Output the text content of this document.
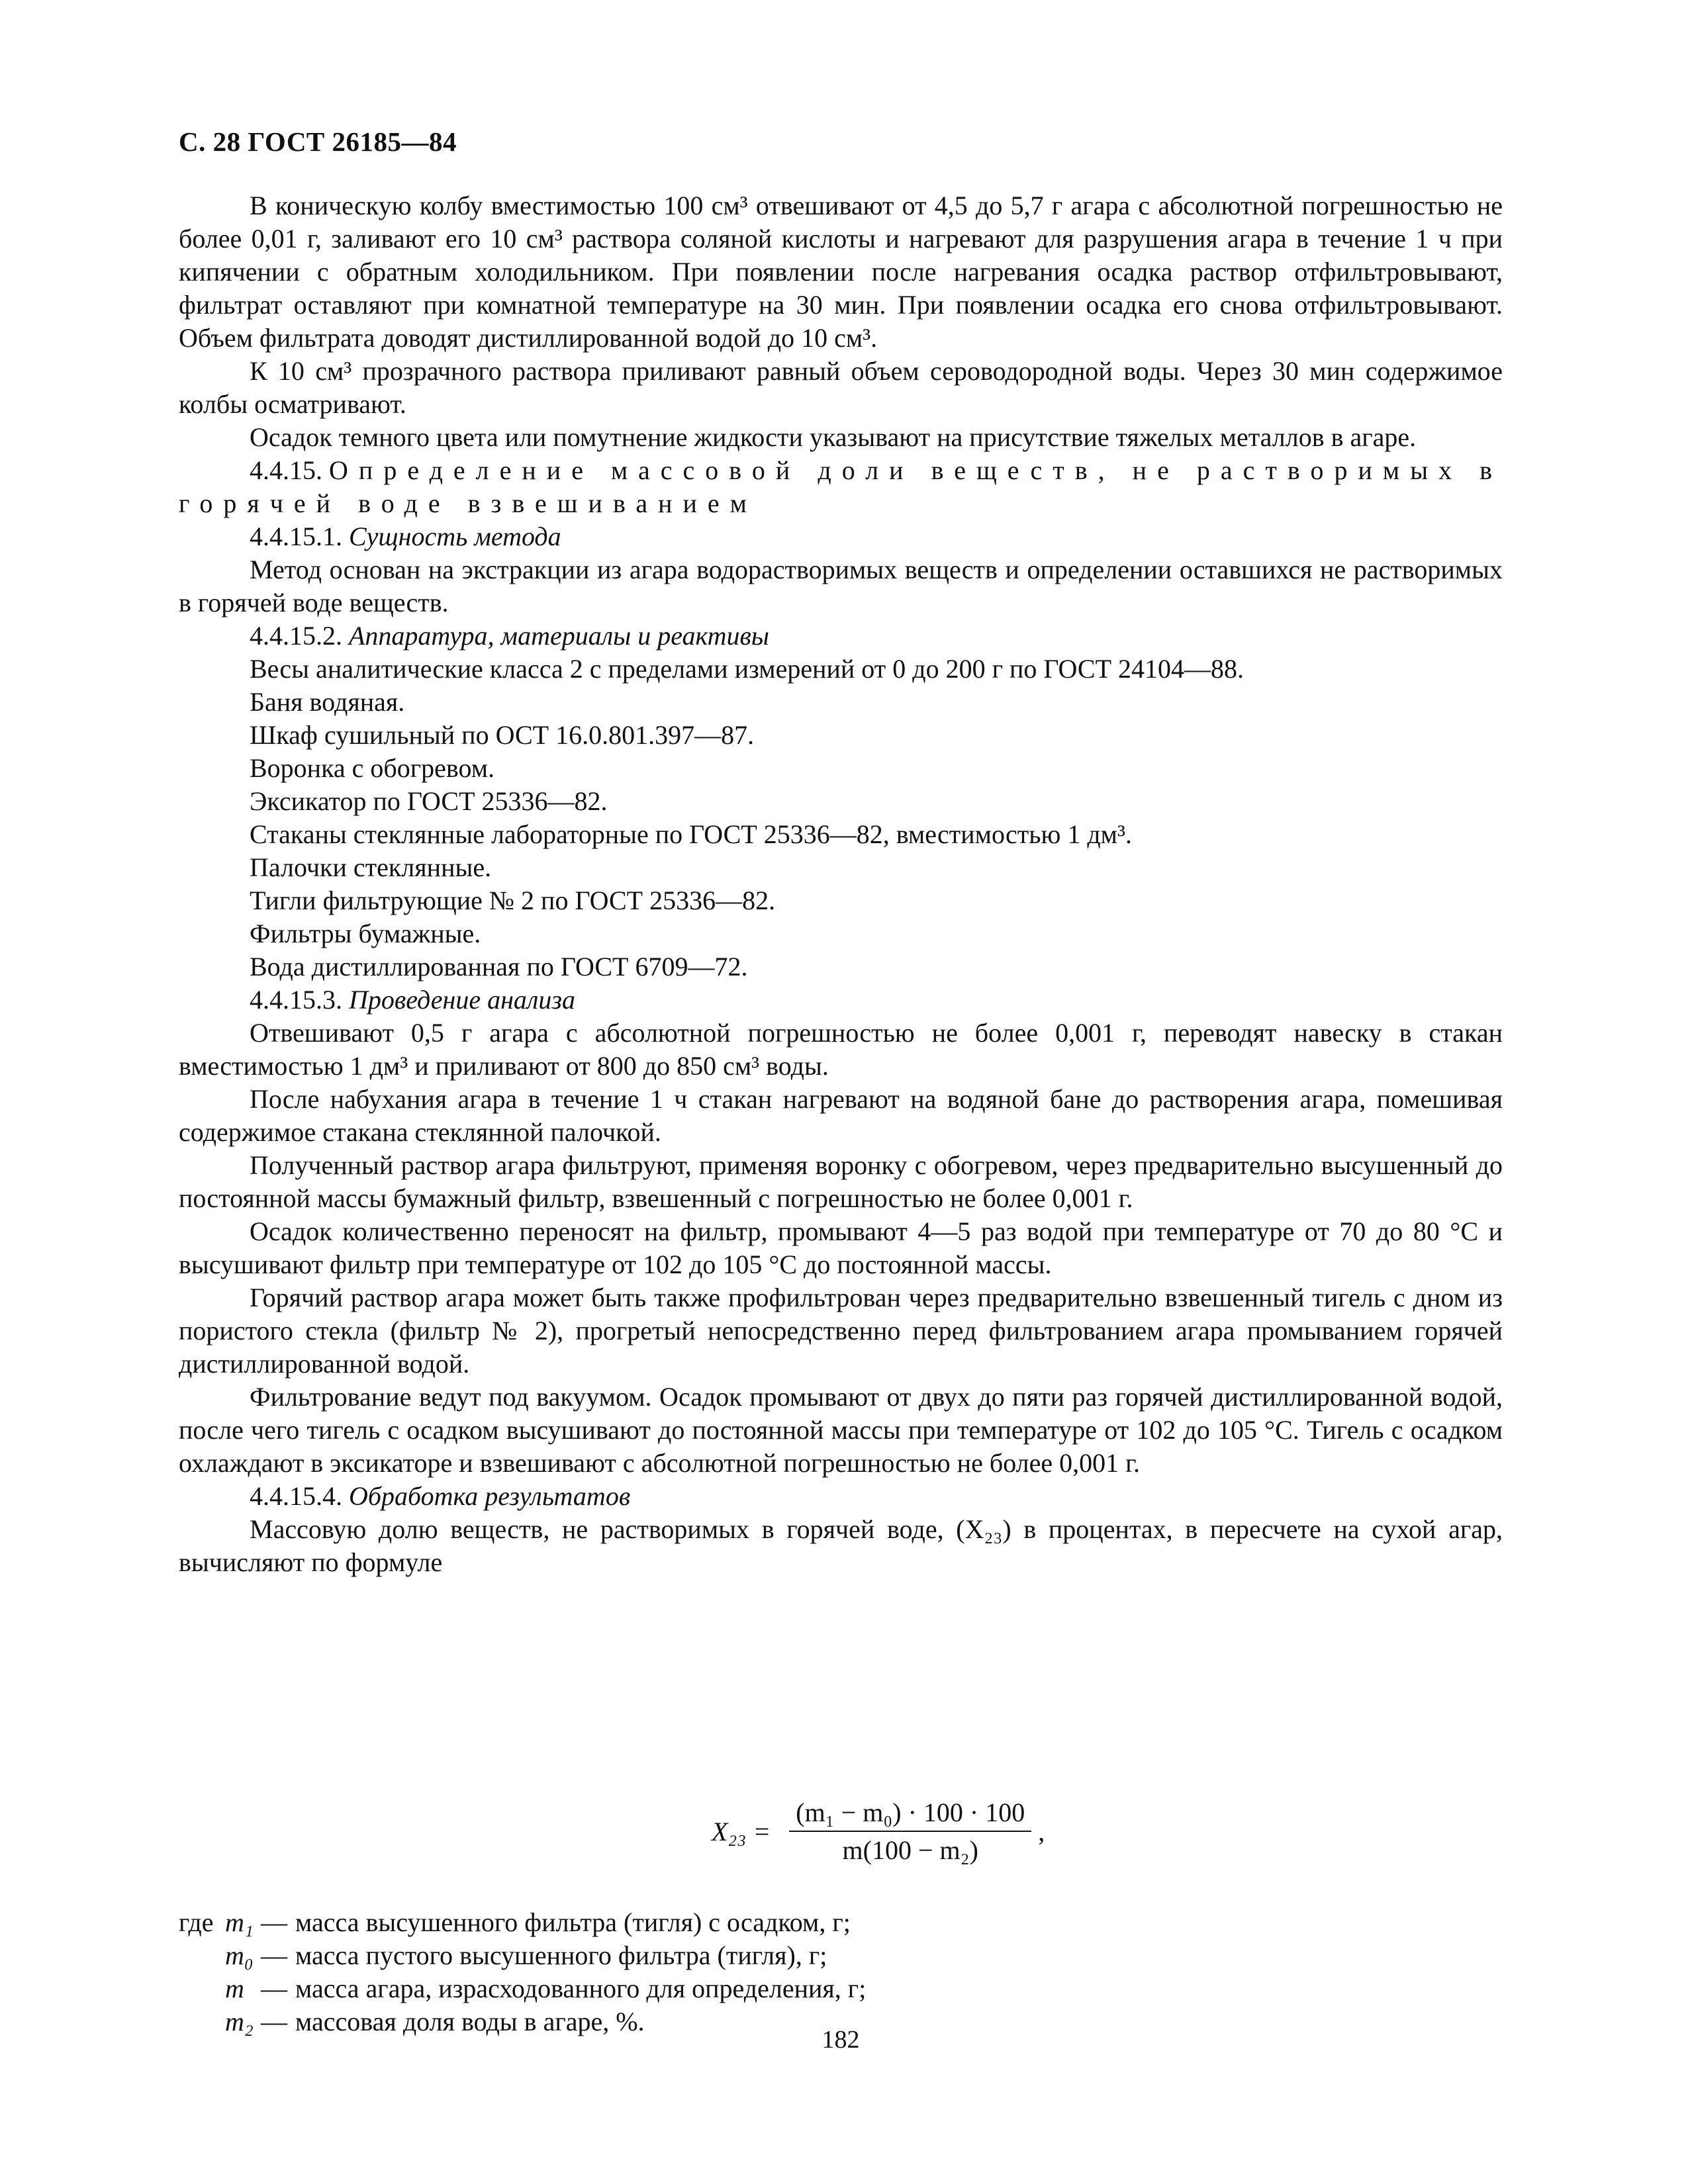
С. 28 ГОСТ 26185—84

В коническую колбу вместимостью 100 см³ отвешивают от 4,5 до 5,7 г агара с абсолютной погрешностью не более 0,01 г, заливают его 10 см³ раствора соляной кислоты и нагревают для разрушения агара в течение 1 ч при кипячении с обратным холодильником. При появлении после нагревания осадка раствор отфильтровывают, фильтрат оставляют при комнатной температуре на 30 мин. При появлении осадка его снова отфильтровывают. Объем фильтрата доводят дистиллированной водой до 10 см³.

К 10 см³ прозрачного раствора приливают равный объем сероводородной воды. Через 30 мин содержимое колбы осматривают.

Осадок темного цвета или помутнение жидкости указывают на присутствие тяжелых металлов в агаре.

4.4.15. Определение массовой доли веществ, не растворимых в горячей воде взвешиванием

4.4.15.1. Сущность метода

Метод основан на экстракции из агара водорастворимых веществ и определении оставшихся не растворимых в горячей воде веществ.

4.4.15.2. Аппаратура, материалы и реактивы

Весы аналитические класса 2 с пределами измерений от 0 до 200 г по ГОСТ 24104—88.

Баня водяная.

Шкаф сушильный по ОСТ 16.0.801.397—87.

Воронка с обогревом.

Эксикатор по ГОСТ 25336—82.

Стаканы стеклянные лабораторные по ГОСТ 25336—82, вместимостью 1 дм³.

Палочки стеклянные.

Тигли фильтрующие № 2 по ГОСТ 25336—82.

Фильтры бумажные.

Вода дистиллированная по ГОСТ 6709—72.

4.4.15.3. Проведение анализа

Отвешивают 0,5 г агара с абсолютной погрешностью не более 0,001 г, переводят навеску в стакан вместимостью 1 дм³ и приливают от 800 до 850 см³ воды.

После набухания агара в течение 1 ч стакан нагревают на водяной бане до растворения агара, помешивая содержимое стакана стеклянной палочкой.

Полученный раствор агара фильтруют, применяя воронку с обогревом, через предварительно высушенный до постоянной массы бумажный фильтр, взвешенный с погрешностью не более 0,001 г.

Осадок количественно переносят на фильтр, промывают 4—5 раз водой при температуре от 70 до 80 °С и высушивают фильтр при температуре от 102 до 105 °С до постоянной массы.

Горячий раствор агара может быть также профильтрован через предварительно взвешенный тигель с дном из пористого стекла (фильтр № 2), прогретый непосредственно перед фильтрованием агара промыванием горячей дистиллированной водой.

Фильтрование ведут под вакуумом. Осадок промывают от двух до пяти раз горячей дистиллированной водой, после чего тигель с осадком высушивают до постоянной массы при температуре от 102 до 105 °С. Тигель с осадком охлаждают в эксикаторе и взвешивают с абсолютной погрешностью не более 0,001 г.

4.4.15.4. Обработка результатов

Массовую долю веществ, не растворимых в горячей воде, (X₂₃) в процентах, в пересчете на сухой агар, вычисляют по формуле

$X_{23} = \frac{\text{(m₁ − m₀) · 100 · 100}}{\text{m(100 − m₂)}}$ ,
где m₁ — масса высушенного фильтра (тигля) с осадком, г;
m₀ — масса пустого высушенного фильтра (тигля), г;
m — масса агара, израсходованного для определения, г;
m₂ — массовая доля воды в агаре, %.
182
